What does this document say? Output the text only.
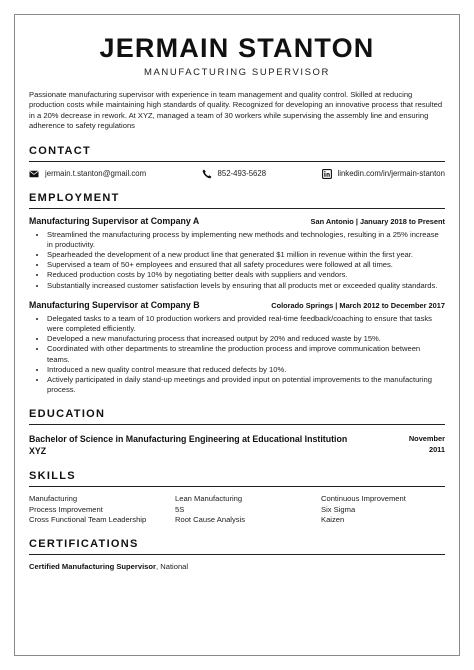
JERMAIN STANTON
MANUFACTURING SUPERVISOR

Passionate manufacturing supervisor with experience in team management and quality control. Skilled at reducing production costs while maintaining high standards of quality. Recognized for developing an innovative process that resulted in a 20% decrease in rework. At XYZ, managed a team of 30 workers while supervising the assembly line and ensuring adherence to safety regulations

CONTACT
jermain.t.stanton@gmail.com	852-493-5628	linkedin.com/in/jermain-stanton
EMPLOYMENT
Manufacturing Supervisor at Company A	San Antonio | January 2018 to Present
• Streamlined the manufacturing process by implementing new methods and technologies, resulting in a 25% increase in productivity.
• Spearheaded the development of a new product line that generated $1 million in revenue within the first year.
• Supervised a team of 50+ employees and ensured that all safety procedures were followed at all times.
• Reduced production costs by 10% by negotiating better deals with suppliers and vendors.
• Substantially increased customer satisfaction levels by ensuring that all products met or exceeded quality standards.
Manufacturing Supervisor at Company B	Colorado Springs | March 2012 to December 2017
• Delegated tasks to a team of 10 production workers and provided real-time feedback/coaching to ensure that tasks were completed efficiently.
• Developed a new manufacturing process that increased output by 20% and reduced waste by 15%.
• Coordinated with other departments to streamline the production process and improve communication between teams.
• Introduced a new quality control measure that reduced defects by 10%.
• Actively participated in daily stand-up meetings and provided input on potential improvements to the manufacturing process.
EDUCATION
Bachelor of Science in Manufacturing Engineering at Educational Institution XYZ
November
2011
SKILLS
Manufacturing
Process Improvement
Cross Functional Team Leadership
Lean Manufacturing
5S
Root Cause Analysis
Continuous Improvement
Six Sigma
Kaizen
CERTIFICATIONS
Certified Manufacturing Supervisor, National
